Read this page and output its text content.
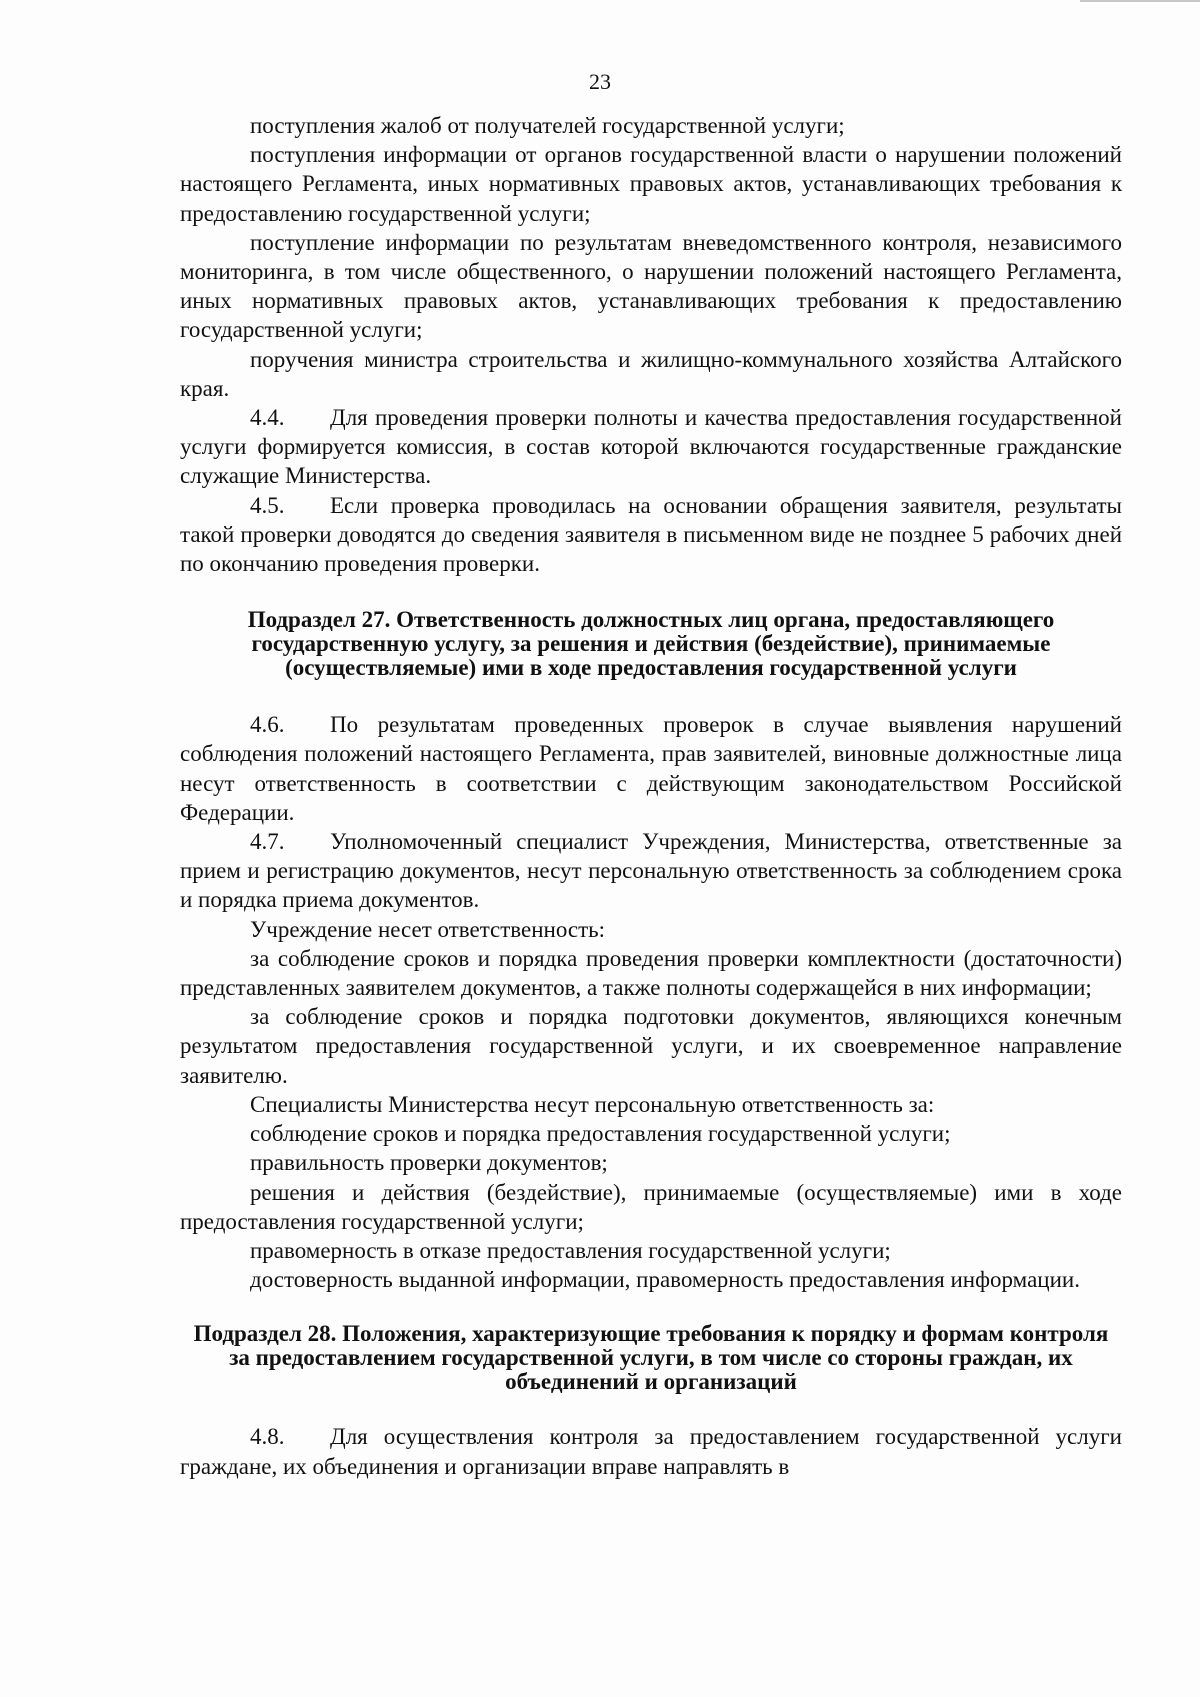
23

поступления жалоб от получателей государственной услуги;

поступления информации от органов государственной власти о нарушении положений настоящего Регламента, иных нормативных правовых актов, устанавливающих требования к предоставлению государственной услуги;

поступление информации по результатам вневедомственного контроля, независимого мониторинга, в том числе общественного, о нарушении положений настоящего Регламента, иных нормативных правовых актов, устанавливающих требования к предоставлению государственной услуги;

поручения министра строительства и жилищно-коммунального хозяйства Алтайского края.

4.4. Для проведения проверки полноты и качества предоставления государственной услуги формируется комиссия, в состав которой включаются государственные гражданские служащие Министерства.

4.5. Если проверка проводилась на основании обращения заявителя, результаты такой проверки доводятся до сведения заявителя в письменном виде не позднее 5 рабочих дней по окончанию проведения проверки.

Подраздел 27. Ответственность должностных лиц органа, предоставляющего государственную услугу, за решения и действия (бездействие), принимаемые (осуществляемые) ими в ходе предоставления государственной услуги

4.6. По результатам проведенных проверок в случае выявления нарушений соблюдения положений настоящего Регламента, прав заявителей, виновные должностные лица несут ответственность в соответствии с действующим законодательством Российской Федерации.

4.7. Уполномоченный специалист Учреждения, Министерства, ответственные за прием и регистрацию документов, несут персональную ответственность за соблюдением срока и порядка приема документов.

Учреждение несет ответственность:

за соблюдение сроков и порядка проведения проверки комплектности (достаточности) представленных заявителем документов, а также полноты содержащейся в них информации;

за соблюдение сроков и порядка подготовки документов, являющихся конечным результатом предоставления государственной услуги, и их своевременное направление заявителю.

Специалисты Министерства несут персональную ответственность за:

соблюдение сроков и порядка предоставления государственной услуги;

правильность проверки документов;

решения и действия (бездействие), принимаемые (осуществляемые) ими в ходе предоставления государственной услуги;

правомерность в отказе предоставления государственной услуги;

достоверность выданной информации, правомерность предоставления информации.

Подраздел 28. Положения, характеризующие требования к порядку и формам контроля за предоставлением государственной услуги, в том числе со стороны граждан, их объединений и организаций

4.8. Для осуществления контроля за предоставлением государственной услуги граждане, их объединения и организации вправе направлять в
